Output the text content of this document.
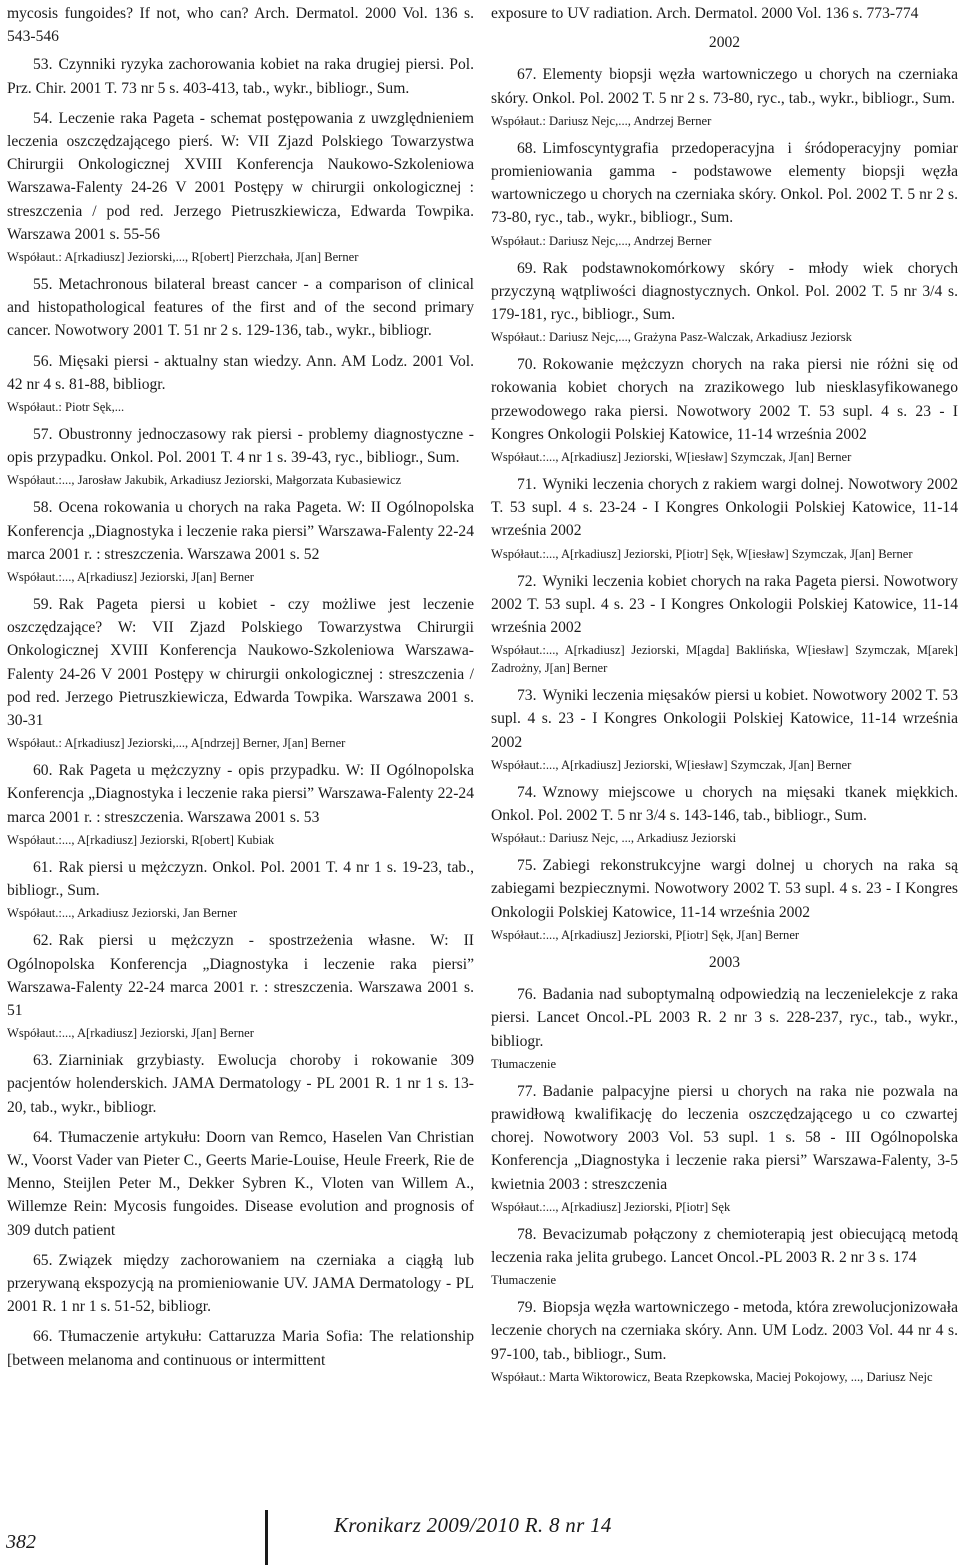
mycosis fungoides? If not, who can? Arch. Dermatol. 2000 Vol. 136 s. 543-546
53. Czynniki ryzyka zachorowania kobiet na raka drugiej piersi. Pol. Prz. Chir. 2001 T. 73 nr 5 s. 403-413, tab., wykr., bibliogr., Sum.
54. Leczenie raka Pageta - schemat postępowania z uwzględnieniem leczenia oszczędzającego pierś. W: VII Zjazd Polskiego Towarzystwa Chirurgii Onkologicznej XVIII Konferencja Naukowo-Szkoleniowa Warszawa-Falenty 24-26 V 2001 Postępy w chirurgii onkologicznej : streszczenia / pod red. Jerzego Pietruszkiewicza, Edwarda Towpika. Warszawa 2001 s. 55-56
Współaut.: A[rkadiusz] Jeziorski,..., R[obert] Pierzchała, J[an] Berner
55. Metachronous bilateral breast cancer - a comparison of clinical and histopathological features of the first and of the second primary cancer. Nowotwory 2001 T. 51 nr 2 s. 129-136, tab., wykr., bibliogr.
56. Mięsaki piersi - aktualny stan wiedzy. Ann. AM Lodz. 2001 Vol. 42 nr 4 s. 81-88, bibliogr.
Współaut.: Piotr Sęk,...
57. Obustronny jednoczasowy rak piersi - problemy diagnostyczne - opis przypadku. Onkol. Pol. 2001 T. 4 nr 1 s. 39-43, ryc., bibliogr., Sum.
Współaut.:..., Jarosław Jakubik, Arkadiusz Jeziorski, Małgorzata Kubasiewicz
58. Ocena rokowania u chorych na raka Pageta. W: II Ogólnopolska Konferencja „Diagnostyka i leczenie raka piersi” Warszawa-Falenty 22-24 marca 2001 r. : streszczenia. Warszawa 2001 s. 52
Współaut.:..., A[rkadiusz] Jeziorski, J[an] Berner
59. Rak Pageta piersi u kobiet - czy możliwe jest leczenie oszczędzające? W: VII Zjazd Polskiego Towarzystwa Chirurgii Onkologicznej XVIII Konferencja Naukowo-Szkoleniowa Warszawa-Falenty 24-26 V 2001 Postępy w chirurgii onkologicznej : streszczenia / pod red. Jerzego Pietruszkiewicza, Edwarda Towpika. Warszawa 2001 s. 30-31
Współaut.: A[rkadiusz] Jeziorski,..., A[ndrzej] Berner, J[an] Berner
60. Rak Pageta u mężczyzny - opis przypadku. W: II Ogólnopolska Konferencja „Diagnostyka i leczenie raka piersi” Warszawa-Falenty 22-24 marca 2001 r. : streszczenia. Warszawa 2001 s. 53
Współaut.:..., A[rkadiusz] Jeziorski, R[obert] Kubiak
61. Rak piersi u mężczyzn. Onkol. Pol. 2001 T. 4 nr 1 s. 19-23, tab., bibliogr., Sum.
Współaut.:..., Arkadiusz Jeziorski, Jan Berner
62. Rak piersi u mężczyzn - spostrzeżenia własne. W: II Ogólnopolska Konferencja „Diagnostyka i leczenie raka piersi” Warszawa-Falenty 22-24 marca 2001 r. : streszczenia. Warszawa 2001 s. 51
Współaut.:..., A[rkadiusz] Jeziorski, J[an] Berner
63. Ziarniniak grzybiasty. Ewolucja choroby i rokowanie 309 pacjentów holenderskich. JAMA Dermatology - PL 2001 R. 1 nr 1 s. 13-20, tab., wykr., bibliogr.
64. Tłumaczenie artykułu: Doorn van Remco, Haselen Van Christian W., Voorst Vader van Pieter C., Geerts Marie-Louise, Heule Freerk, Rie de Menno, Steijlen Peter M., Dekker Sybren K., Vloten van Willem A., Willemze Rein: Mycosis fungoides. Disease evolution and prognosis of 309 dutch patient
65. Związek między zachorowaniem na czerniaka a ciągłą lub przerywaną ekspozycją na promieniowanie UV. JAMA Dermatology - PL 2001 R. 1 nr 1 s. 51-52, bibliogr.
66. Tłumaczenie artykułu: Cattaruzza Maria Sofia: The relationship [between melanoma and continuous or intermittent
exposure to UV radiation. Arch. Dermatol. 2000 Vol. 136 s. 773-774
2002
67. Elementy biopsji węzła wartowniczego u chorych na czerniaka skóry. Onkol. Pol. 2002 T. 5 nr 2 s. 73-80, ryc., tab., wykr., bibliogr., Sum.
Współaut.: Dariusz Nejc,..., Andrzej Berner
68. Limfoscyntygrafia przedoperacyjna i śródoperacyjny pomiar promieniowania gamma - podstawowe elementy biopsji węzła wartowniczego u chorych na czerniaka skóry. Onkol. Pol. 2002 T. 5 nr 2 s. 73-80, ryc., tab., wykr., bibliogr., Sum.
Współaut.: Dariusz Nejc,..., Andrzej Berner
69. Rak podstawnokomórkowy skóry - młody wiek chorych przyczyną wątpliwości diagnostycznych. Onkol. Pol. 2002 T. 5 nr 3/4 s. 179-181, ryc., bibliogr., Sum.
Współaut.: Dariusz Nejc,..., Grażyna Pasz-Walczak, Arkadiusz Jeziorsk
70. Rokowanie mężczyzn chorych na raka piersi nie różni się od rokowania kobiet chorych na zrazikowego lub niesklasyfikowanego przewodowego raka piersi. Nowotwory 2002 T. 53 supl. 4 s. 23 - I Kongres Onkologii Polskiej Katowice, 11-14 września 2002
Współaut.:..., A[rkadiusz] Jeziorski, W[iesław] Szymczak, J[an] Berner
71. Wyniki leczenia chorych z rakiem wargi dolnej. Nowotwory 2002 T. 53 supl. 4 s. 23-24 - I Kongres Onkologii Polskiej Katowice, 11-14 września 2002
Współaut.:..., A[rkadiusz] Jeziorski, P[iotr] Sęk, W[iesław] Szymczak, J[an] Berner
72. Wyniki leczenia kobiet chorych na raka Pageta piersi. Nowotwory 2002 T. 53 supl. 4 s. 23 - I Kongres Onkologii Polskiej Katowice, 11-14 września 2002
Współaut.:..., A[rkadiusz] Jeziorski, M[agda] Baklińska, W[iesław] Szymczak, M[arek] Zadrożny, J[an] Berner
73. Wyniki leczenia mięsaków piersi u kobiet. Nowotwory 2002 T. 53 supl. 4 s. 23 - I Kongres Onkologii Polskiej Katowice, 11-14 września 2002
Współaut.:..., A[rkadiusz] Jeziorski, W[iesław] Szymczak, J[an] Berner
74. Wznowy miejscowe u chorych na mięsaki tkanek miękkich. Onkol. Pol. 2002 T. 5 nr 3/4 s. 143-146, tab., bibliogr., Sum.
Współaut.: Dariusz Nejc, ..., Arkadiusz Jeziorski
75. Zabiegi rekonstrukcyjne wargi dolnej u chorych na raka są zabiegami bezpiecznymi. Nowotwory 2002 T. 53 supl. 4 s. 23 - I Kongres Onkologii Polskiej Katowice, 11-14 września 2002
Współaut.:..., A[rkadiusz] Jeziorski, P[iotr] Sęk, J[an] Berner
2003
76. Badania nad suboptymalną odpowiedzią na leczenielekcje z raka piersi. Lancet Oncol.-PL 2003 R. 2 nr 3 s. 228-237, ryc., tab., wykr., bibliogr.
Tłumaczenie
77. Badanie palpacyjne piersi u chorych na raka nie pozwala na prawidłową kwalifikację do leczenia oszczędzającego u co czwartej chorej. Nowotwory 2003 Vol. 53 supl. 1 s. 58 - III Ogólnopolska Konferencja „Diagnostyka i leczenie raka piersi” Warszawa-Falenty, 3-5 kwietnia 2003 : streszczenia
Współaut.:..., A[rkadiusz] Jeziorski, P[iotr] Sęk
78. Bevacizumab połączony z chemioterapią jest obiecującą metodą leczenia raka jelita grubego. Lancet Oncol.-PL 2003 R. 2 nr 3 s. 174
Tłumaczenie
79. Biopsja węzła wartowniczego - metoda, która zrewolucjonizowała leczenie chorych na czerniaka skóry. Ann. UM Lodz. 2003 Vol. 44 nr 4 s. 97-100, tab., bibliogr., Sum.
Współaut.: Marta Wiktorowicz, Beata Rzepkowska, Maciej Pokojowy, ..., Dariusz Nejc
382
Kronikarz 2009/2010 R. 8 nr 14
